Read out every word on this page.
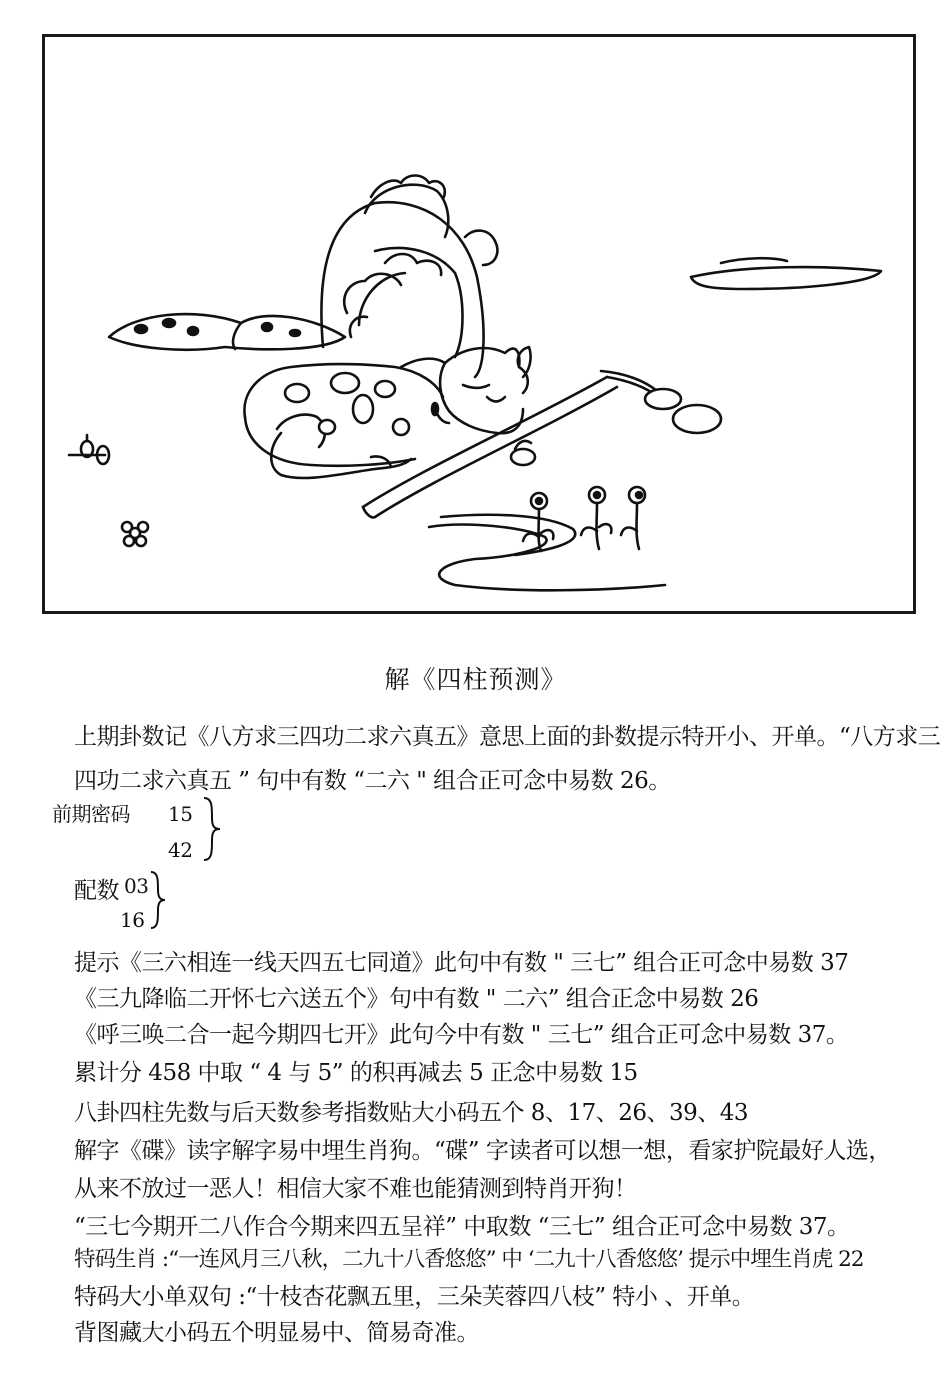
解《四柱预测》
上期卦数记《八方求三四功二求六真五》意思上面的卦数提示特开小、开单。“八方求三
四功二求六真五 ” 句中有数 “二六 " 组合正可念中易数 26。
前期密码 15
42
配数 03
16
提示《三六相连一线天四五七同道》此句中有数 " 三七” 组合正可念中易数 37
《三九降临二开怀七六送五个》句中有数 " 二六” 组合正念中易数 26
《呼三唤二合一起今期四七开》此句今中有数 " 三七” 组合正可念中易数 37。
累计分 458 中取 “ 4 与 5” 的积再减去 5 正念中易数 15
八卦四柱先数与后天数参考指数贴大小码五个 8、17、26、39、43
解字《碟》读字解字易中埋生肖狗。“碟” 字读者可以想一想，看家护院最好人选，
从来不放过一恶人！相信大家不难也能猜测到特肖开狗！
“三七今期开二八作合今期来四五呈祥” 中取数 “三七” 组合正可念中易数 37。
特码生肖 :“一连风月三八秋，二九十八香悠悠” 中 ‘二九十八香悠悠’ 提示中埋生肖虎 22
特码大小单双句 :“十枝杏花飘五里，三朵芙蓉四八枝” 特小 、开单。
背图藏大小码五个明显易中、简易奇准。
